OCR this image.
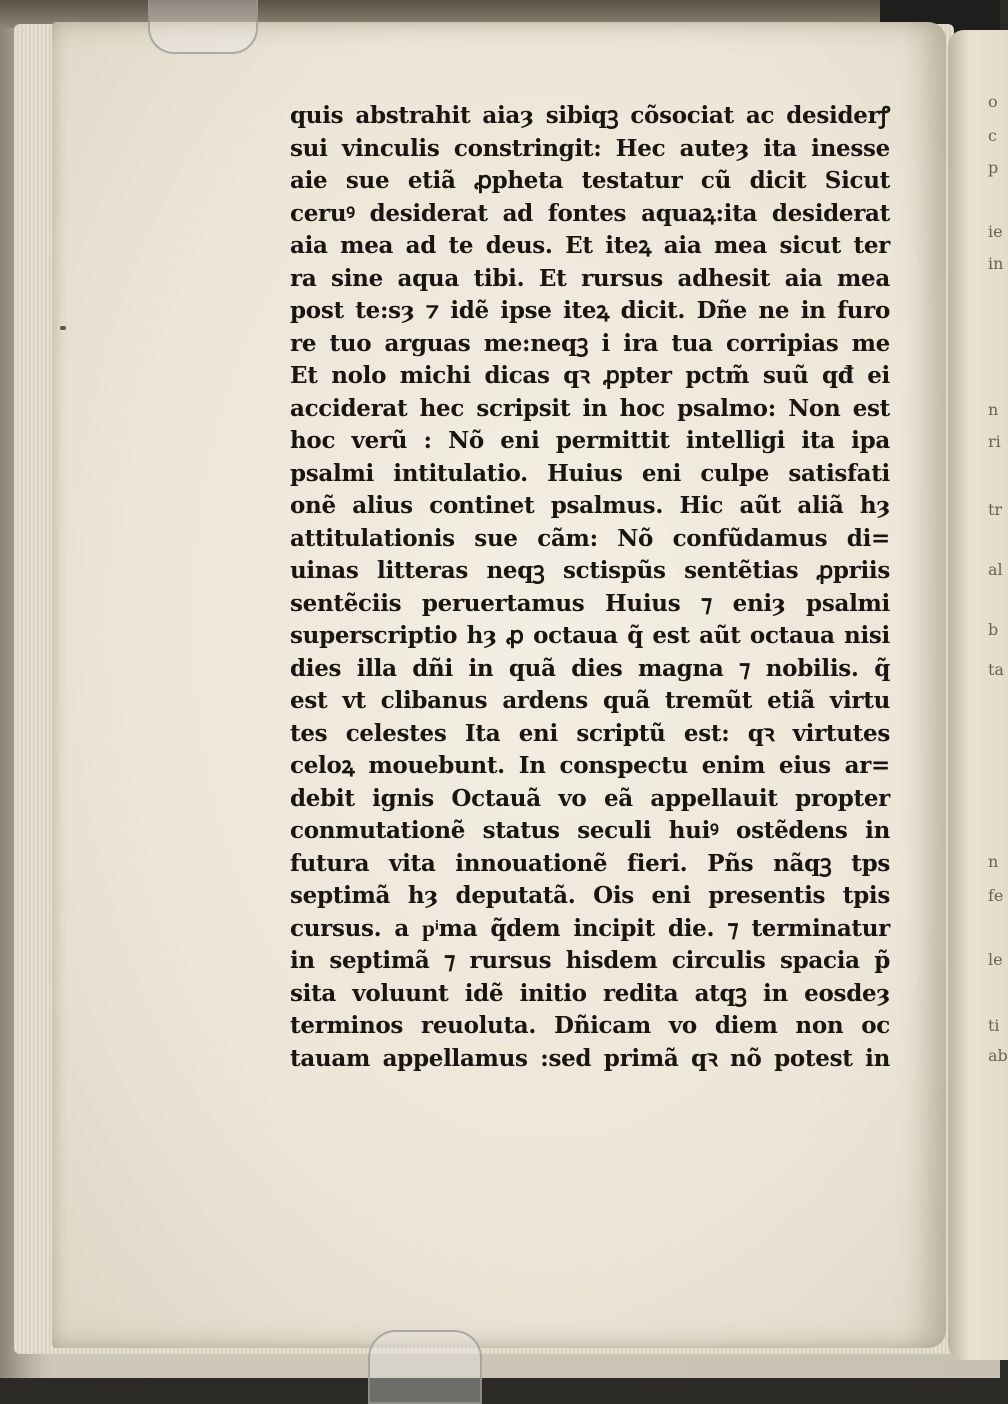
o
c
p
ie
in
n
ri
tr
al
b
ta
n
fe
le
ti
ab
quis abstrahit aiaȝ sibiqꝫ cõsociat ac desiderꝭ
sui vinculis constringit: Hec auteȝ ita inesse
aie sue etiã ꝓpheta testatur cũ dicit Sicut
ceruꝰ desiderat ad fontes aquaꝝ:ita desiderat
aia mea ad te deus. Et iteꝝ aia mea sicut ter
ra sine aqua tibi. Et rursus adhesit aia mea
post te:sȝ ⁊ idẽ ipse iteꝝ dicit. Dñe ne in furo
re tuo arguas me:neqꝫ i ira tua corripias me
Et nolo michi dicas qꝛ ꝓpter pctm̃ suũ qđ ei
acciderat hec scripsit in hoc psalmo: Non est
hoc verũ : Nõ eni permittit intelligi ita ipa
psalmi intitulatio. Huius eni culpe satisfati
onẽ alius continet psalmus. Hic aũt aliã hȝ
attitulationis sue cãm: Nõ confũdamus di=
uinas litteras neqꝫ sctispũs sentẽtias ꝓpriis
sentẽciis peruertamus Huius ⁊ eniȝ psalmi
superscriptio hȝ ꝓ octaua q̃ est aũt octaua nisi
dies illa dñi in quã dies magna ⁊ nobilis. q̃
est vt clibanus ardens quã tremũt etiã virtu
tes celestes Ita eni scriptũ est: qꝛ virtutes
celoꝝ mouebunt. In conspectu enim eius ar=
debit ignis Octauã vo eã appellauit propter
conmutationẽ status seculi huiꝰ ostẽdens in
futura vita innouationẽ fieri. Pñs nãqꝫ tps
septimã hȝ deputatã. Ois eni presentis tpis
cursus. a pͥma q̃dem incipit die. ⁊ terminatur
in septimã ⁊ rursus hisdem circulis spacia p̃
sita voluunt idẽ initio redita atqꝫ in eosdeȝ
terminos reuoluta. Dñicam vo diem non oc
tauam appellamus :sed primã qꝛ nõ potest in
